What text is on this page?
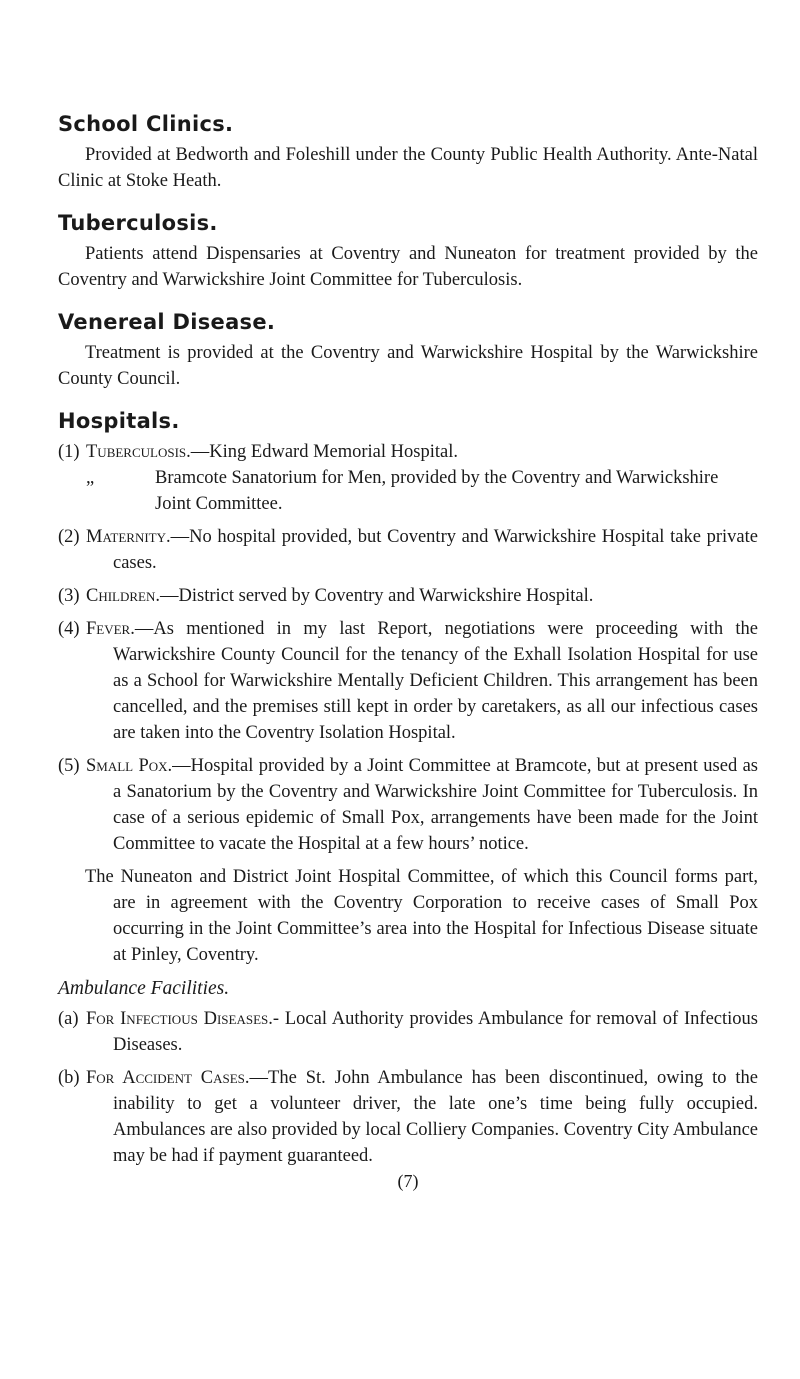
School Clinics.

Provided at Bedworth and Foleshill under the County Public Health Authority. Ante-Natal Clinic at Stoke Heath.

Tuberculosis.

Patients attend Dispensaries at Coventry and Nuneaton for treatment provided by the Coventry and Warwickshire Joint Committee for Tuberculosis.

Venereal Disease.

Treatment is provided at the Coventry and Warwickshire Hospital by the Warwickshire County Council.

Hospitals.
(1) Tuberculosis.—King Edward Memorial Hospital.
„	Bramcote Sanatorium for Men, provided by the Coventry and Warwickshire Joint Committee.
(2) Maternity.—No hospital provided, but Coventry and Warwickshire Hospital take private cases.
(3) Children.—District served by Coventry and Warwickshire Hospital.
(4) Fever.—As mentioned in my last Report, negotiations were proceeding with the Warwickshire County Council for the tenancy of the Exhall Isolation Hospital for use as a School for Warwickshire Mentally Deficient Children. This arrangement has been cancelled, and the premises still kept in order by caretakers, as all our infectious cases are taken into the Coventry Isolation Hospital.
(5) Small Pox.—Hospital provided by a Joint Committee at Bramcote, but at present used as a Sanatorium by the Coventry and Warwickshire Joint Committee for Tuberculosis. In case of a serious epidemic of Small Pox, arrangements have been made for the Joint Committee to vacate the Hospital at a few hours’ notice.

The Nuneaton and District Joint Hospital Committee, of which this Council forms part, are in agreement with the Coventry Corporation to receive cases of Small Pox occurring in the Joint Committee’s area into the Hospital for Infectious Disease situate at Pinley, Coventry.

Ambulance Facilities.
(a) For Infectious Diseases.- Local Authority provides Ambulance for removal of Infectious Diseases.
(b) For Accident Cases.—The St. John Ambulance has been discontinued, owing to the inability to get a volunteer driver, the late one’s time being fully occupied. Ambulances are also provided by local Colliery Companies. Coventry City Ambulance may be had if payment guaranteed.
(7)
